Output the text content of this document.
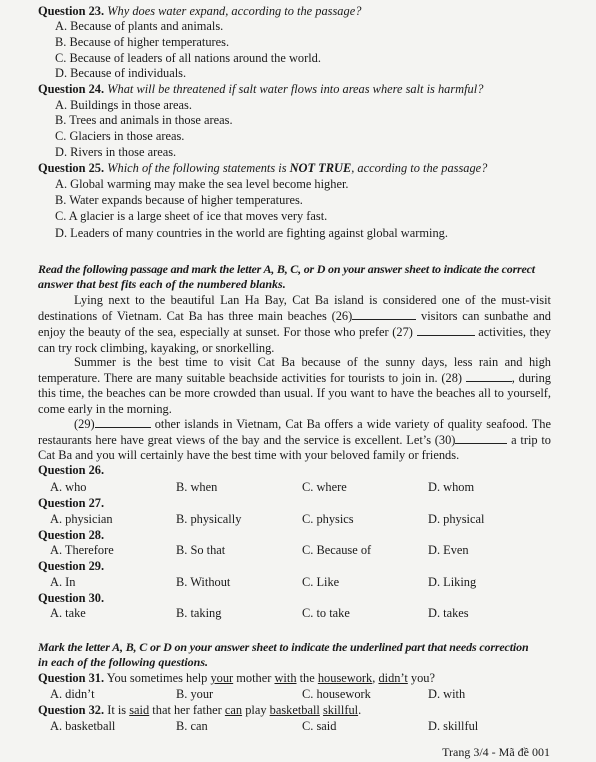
Question 23. Why does water expand, according to the passage?
A. Because of plants and animals.
B. Because of higher temperatures.
C. Because of leaders of all nations around the world.
D. Because of individuals.
Question 24. What will be threatened if salt water flows into areas where salt is harmful?
A. Buildings in those areas.
B. Trees and animals in those areas.
C. Glaciers in those areas.
D. Rivers in those areas.
Question 25. Which of the following statements is NOT TRUE, according to the passage?
A. Global warming may make the sea level become higher.
B. Water expands because of higher temperatures.
C. A glacier is a large sheet of ice that moves very fast.
D. Leaders of many countries in the world are fighting against global warming.
Read the following passage and mark the letter A, B, C, or D on your answer sheet to indicate the correct
answer that best fits each of the numbered blanks.
Lying next to the beautiful Lan Ha Bay, Cat Ba island is considered one of the must-visit destinations of Vietnam. Cat Ba has three main beaches (26)	visitors can sunbathe and enjoy the beauty of the sea, especially at sunset. For those who prefer (27)	activities, they can try rock climbing, kayaking, or snorkelling.
Summer is the best time to visit Cat Ba because of the sunny days, less rain and high temperature. There are many suitable beachside activities for tourists to join in. (28)	, during this time, the beaches can be more crowded than usual. If you want to have the beaches all to yourself, come early in the morning.
(29)	other islands in Vietnam, Cat Ba offers a wide variety of quality seafood. The restaurants here have great views of the bay and the service is excellent. Let’s (30)	a trip to Cat Ba and you will certainly have the best time with your beloved family or friends.
Question 26.
A. who	B. when	C. where	D. whom
Question 27.
A. physician	B. physically	C. physics	D. physical
Question 28.
A. Therefore	B. So that	C. Because of	D. Even
Question 29.
A. In	B. Without	C. Like	D. Liking
Question 30.
A. take	B. taking	C. to take	D. takes
Mark the letter A, B, C or D on your answer sheet to indicate the underlined part that needs correction
in each of the following questions.
Question 31. You sometimes help your mother with the housework, didn’t you?
A. didn’t	B. your	C. housework	D. with
Question 32. It is said that her father can play basketball skillful.
A. basketball	B. can	C. said	D. skillful
Trang 3/4 - Mã đề 001
